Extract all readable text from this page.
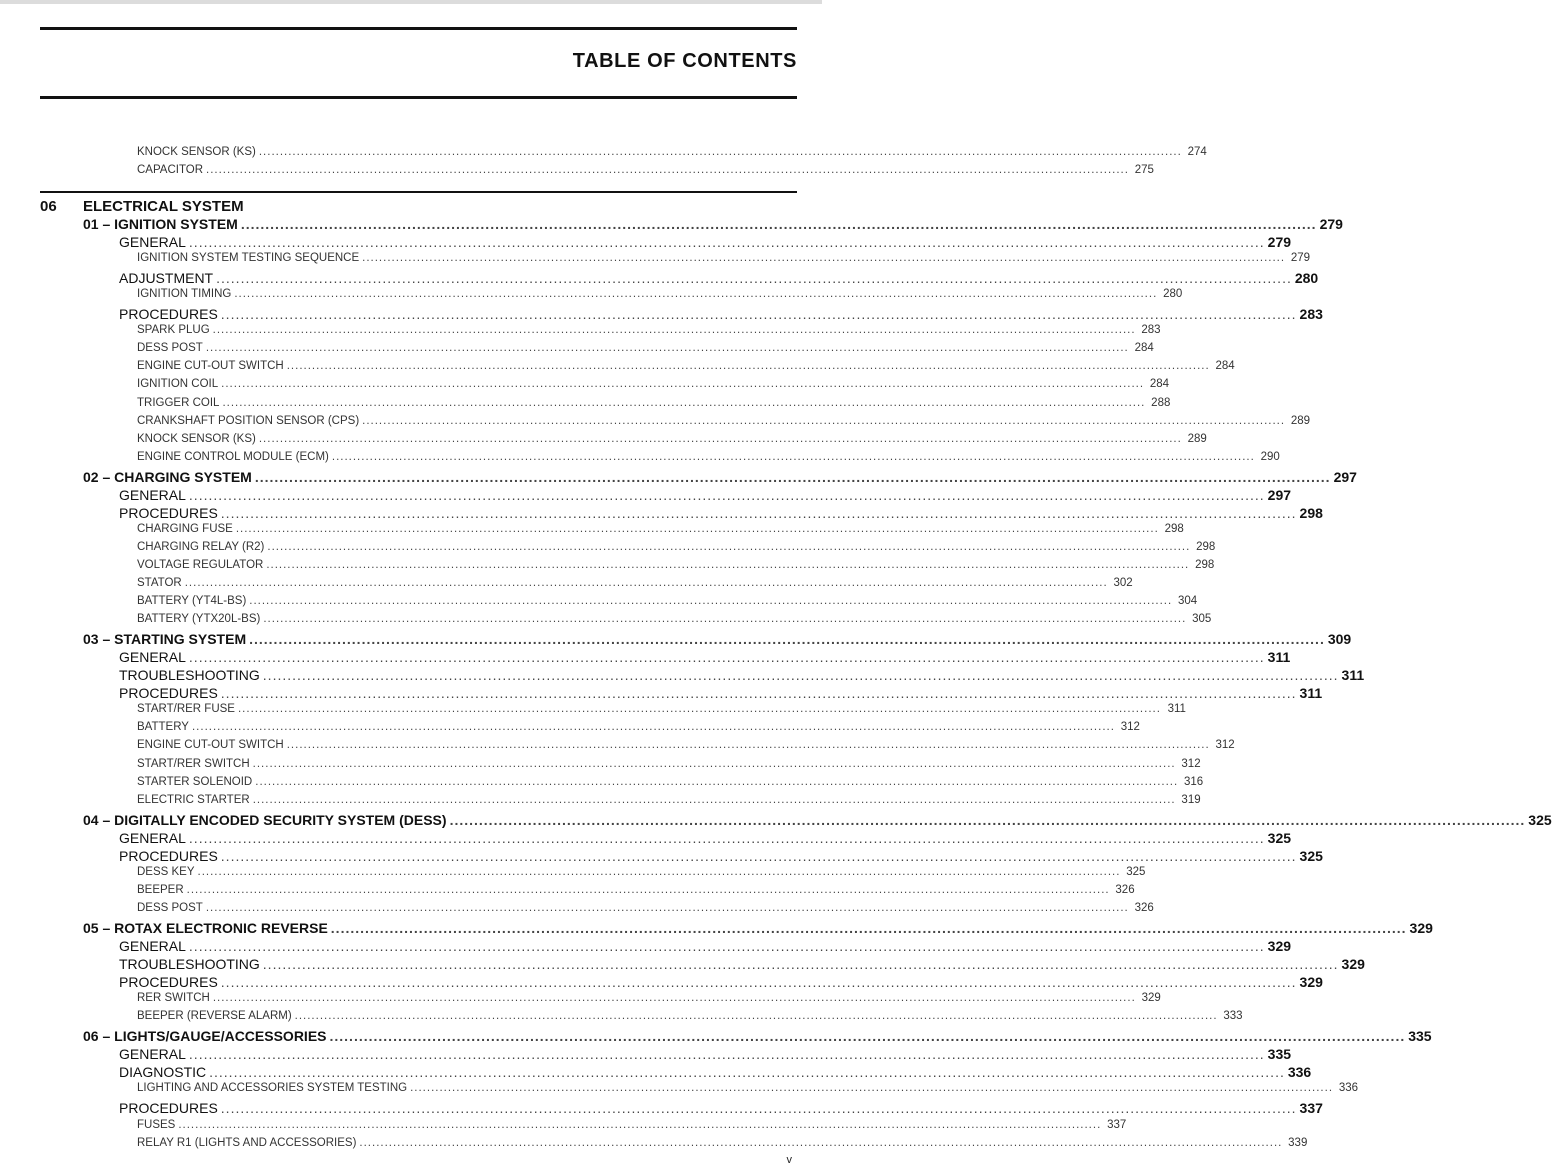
TABLE OF CONTENTS
KNOCK SENSOR (KS) ............................................................................................................................................................................................................................ 274
CAPACITOR ............................................................................................................................................................................................................................ 275
06 ELECTRICAL SYSTEM
01 – IGNITION SYSTEM ............................................................................................................................................................................................................................ 279
GENERAL ............................................................................................................................................................................................................................ 279
IGNITION SYSTEM TESTING SEQUENCE ............................................................................................................................................................................................................................ 279
ADJUSTMENT ............................................................................................................................................................................................................................ 280
IGNITION TIMING ............................................................................................................................................................................................................................ 280
PROCEDURES ............................................................................................................................................................................................................................ 283
SPARK PLUG ............................................................................................................................................................................................................................ 283
DESS POST ............................................................................................................................................................................................................................ 284
ENGINE CUT-OUT SWITCH ............................................................................................................................................................................................................................ 284
IGNITION COIL ............................................................................................................................................................................................................................ 284
TRIGGER COIL ............................................................................................................................................................................................................................ 288
CRANKSHAFT POSITION SENSOR (CPS) ............................................................................................................................................................................................................................ 289
KNOCK SENSOR (KS) ............................................................................................................................................................................................................................ 289
ENGINE CONTROL MODULE (ECM) ............................................................................................................................................................................................................................ 290
02 – CHARGING SYSTEM ............................................................................................................................................................................................................................ 297
GENERAL ............................................................................................................................................................................................................................ 297
PROCEDURES ............................................................................................................................................................................................................................ 298
CHARGING FUSE ............................................................................................................................................................................................................................ 298
CHARGING RELAY (R2) ............................................................................................................................................................................................................................ 298
VOLTAGE REGULATOR ............................................................................................................................................................................................................................ 298
STATOR ............................................................................................................................................................................................................................ 302
BATTERY (YT4L-BS) ............................................................................................................................................................................................................................ 304
BATTERY (YTX20L-BS) ............................................................................................................................................................................................................................ 305
03 – STARTING SYSTEM ............................................................................................................................................................................................................................ 309
GENERAL ............................................................................................................................................................................................................................ 311
TROUBLESHOOTING ............................................................................................................................................................................................................................ 311
PROCEDURES ............................................................................................................................................................................................................................ 311
START/RER FUSE ............................................................................................................................................................................................................................ 311
BATTERY ............................................................................................................................................................................................................................ 312
ENGINE CUT-OUT SWITCH ............................................................................................................................................................................................................................ 312
START/RER SWITCH ............................................................................................................................................................................................................................ 312
STARTER SOLENOID ............................................................................................................................................................................................................................ 316
ELECTRIC STARTER ............................................................................................................................................................................................................................ 319
04 – DIGITALLY ENCODED SECURITY SYSTEM (DESS) ............................................................................................................................................................................................................................ 325
GENERAL ............................................................................................................................................................................................................................ 325
PROCEDURES ............................................................................................................................................................................................................................ 325
DESS KEY ............................................................................................................................................................................................................................ 325
BEEPER ............................................................................................................................................................................................................................ 326
DESS POST ............................................................................................................................................................................................................................ 326
05 – ROTAX ELECTRONIC REVERSE ............................................................................................................................................................................................................................ 329
GENERAL ............................................................................................................................................................................................................................ 329
TROUBLESHOOTING ............................................................................................................................................................................................................................ 329
PROCEDURES ............................................................................................................................................................................................................................ 329
RER SWITCH ............................................................................................................................................................................................................................ 329
BEEPER (REVERSE ALARM) ............................................................................................................................................................................................................................ 333
06 – LIGHTS/GAUGE/ACCESSORIES ............................................................................................................................................................................................................................ 335
GENERAL ............................................................................................................................................................................................................................ 335
DIAGNOSTIC ............................................................................................................................................................................................................................ 336
LIGHTING AND ACCESSORIES SYSTEM TESTING ............................................................................................................................................................................................................................ 336
PROCEDURES ............................................................................................................................................................................................................................ 337
FUSES ............................................................................................................................................................................................................................ 337
RELAY R1 (LIGHTS AND ACCESSORIES) ............................................................................................................................................................................................................................ 339
v
